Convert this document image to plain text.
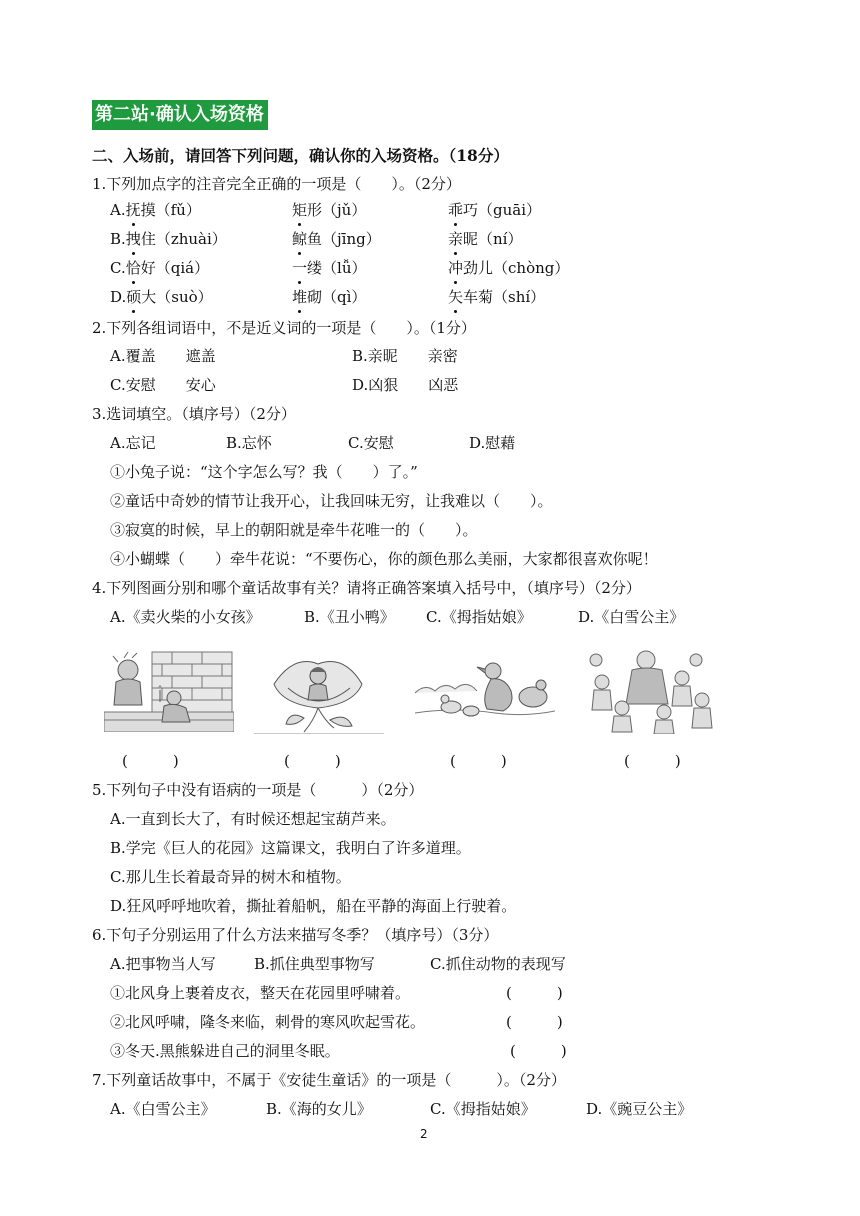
第二站·确认入场资格
二、入场前，请回答下列问题，确认你的入场资格。（18分）
1.下列加点字的注音完全正确的一项是（　　）。（2分）
A.抚摸（fǔ）	矩形（jǔ）	乖巧（guāi）
B.拽住（zhuài）	鲸鱼（jīng）	亲昵（ní）
C.恰好（qiá）	一缕（lǚ）	冲劲儿（chòng）
D.硕大（suò）	堆砌（qì）	矢车菊（shí）
2.下列各组词语中，不是近义词的一项是（　　）。（1分）
A.覆盖　　遮盖	B.亲昵　　亲密
C.安慰　　安心	D.凶狠　　凶恶
3.选词填空。（填序号）（2分）
A.忘记	B.忘怀	C.安慰	D.慰藉
①小兔子说：“这个字怎么写？我（　　）了。”
②童话中奇妙的情节让我开心，让我回味无穷，让我难以（　　）。
③寂寞的时候，早上的朝阳就是牵牛花唯一的（　　）。
④小蝴蝶（　　）牵牛花说：“不要伤心，你的颜色那么美丽，大家都很喜欢你呢！
4.下列图画分别和哪个童话故事有关？请将正确答案填入括号中，（填序号）（2分）
A.《卖火柴的小女孩》	B.《丑小鸭》 C.《拇指姑娘》	D.《白雪公主》
(　　　)	(　　　)	(　　　)	(　　　)
5.下列句子中没有语病的一项是（　　　）（2分）
A.一直到长大了，有时候还想起宝葫芦来。
B.学完《巨人的花园》这篇课文，我明白了许多道理。
C.那儿生长着最奇异的树木和植物。
D.狂风呼呼地吹着，撕扯着船帆，船在平静的海面上行驶着。
6.下句子分别运用了什么方法来描写冬季？（填序号）（3分）
A.把事物当人写	B.抓住典型事物写	C.抓住动物的表现写
①北风身上裹着皮衣，整天在花园里呼啸着。	(　　　)
②北风呼啸，隆冬来临，刺骨的寒风吹起雪花。	(　　　)
③冬天.黑熊躲进自己的洞里冬眠。	(　　　)
7.下列童话故事中，不属于《安徒生童话》的一项是（　　　）。（2分）
A.《白雪公主》	B.《海的女儿》	C.《拇指姑娘》	D.《豌豆公主》
2
